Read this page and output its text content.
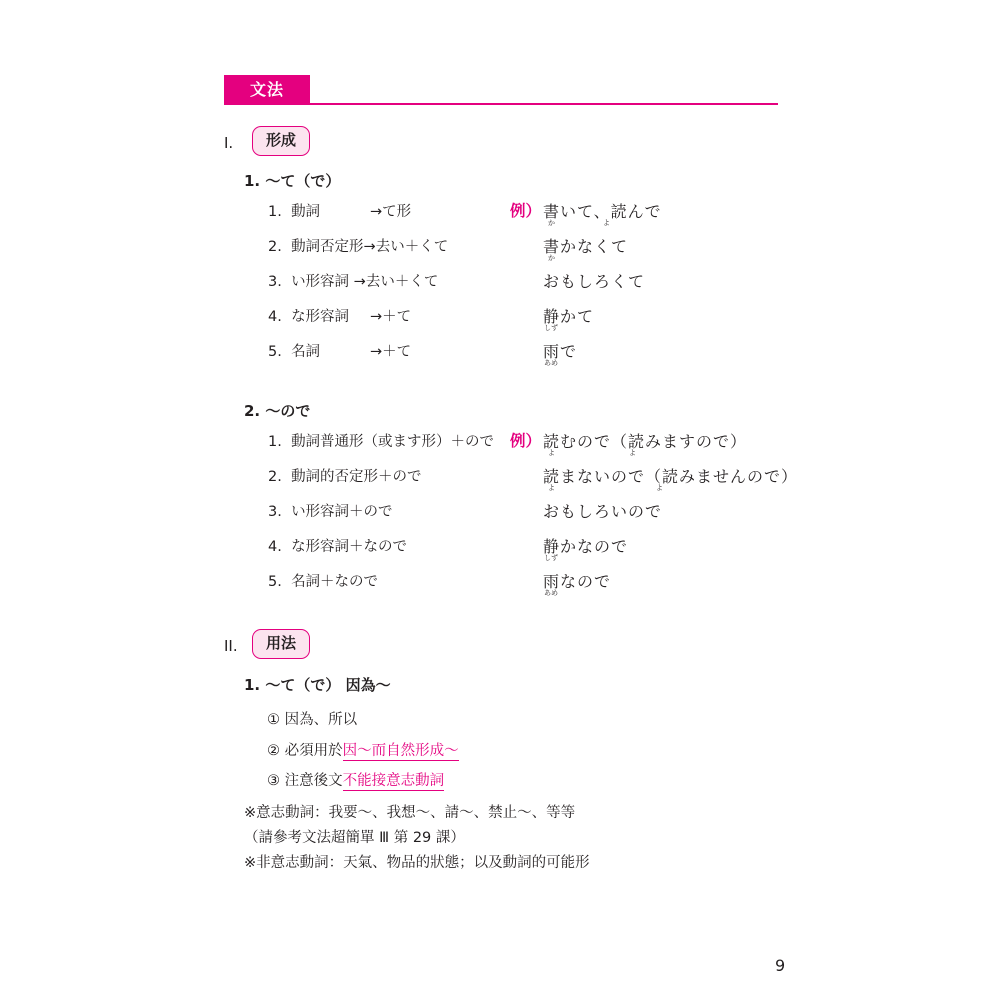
文法
I.	形成
1. 〜て（で）
1. 動詞	→て形	例） 書いて、読んで
か	よ
2. 動詞否定形→去い＋くて	書かなくて
か
3. い形容詞 →去い＋くて	おもしろくて
4. な形容詞 →＋て	静かて
しず
5. 名詞	→＋て	雨で
あめ
2. 〜ので
1. 動詞普通形（或ます形）＋ので 例） 読むので（読みますので）
よ	よ
2. 動詞的否定形＋ので	読まないので（読みませんので）
よ	よ
3. い形容詞＋ので	おもしろいので
4. な形容詞＋なので	静かなので
しず
5. 名詞＋なので	雨なので
あめ
II.	用法
1. 〜て（で） 因為〜
① 因為、所以
② 必須用於因〜而自然形成〜
③ 注意後文不能接意志動詞
※意志動詞：我要〜、我想〜、請〜、禁止〜、等等
（請參考文法超簡單 Ⅲ 第 29 課）
※非意志動詞：天氣、物品的狀態；以及動詞的可能形
9
